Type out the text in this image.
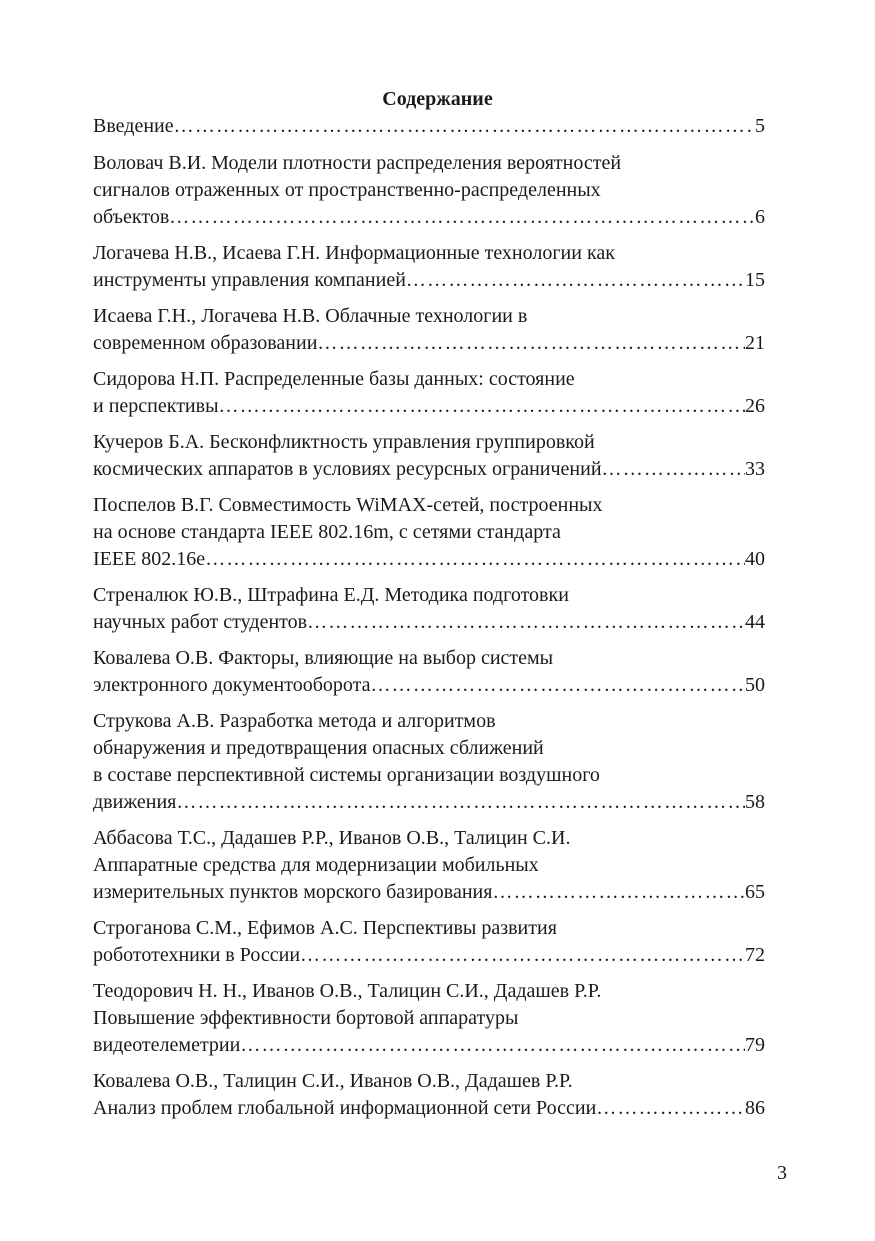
Содержание
Введение …………………………………………………………………………………………………………………………………………………………	5
Воловач В.И. Модели плотности распределения вероятностей
сигналов отраженных от пространственно-распределенных
объектов …………………………………………………………………………………………………………………………………………………………	6
Логачева Н.В., Исаева Г.Н. Информационные технологии как
инструменты управления компанией …………………………………………………………………………………………………………………………………………………………	15
Исаева Г.Н., Логачева Н.В. Облачные технологии в
современном образовании …………………………………………………………………………………………………………………………………………………………	21
Сидорова Н.П. Распределенные базы данных: состояние
и перспективы …………………………………………………………………………………………………………………………………………………………	26
Кучеров Б.А. Бесконфликтность управления группировкой
космических аппаратов в условиях ресурсных ограничений …………………………………………………………………………………………………………………………………………………………	33
Поспелов В.Г. Совместимость WiMAX-сетей, построенных
на основе стандарта IEEE 802.16m, с сетями стандарта
IEEE 802.16e …………………………………………………………………………………………………………………………………………………………	40
Стреналюк Ю.В., Штрафина Е.Д. Методика подготовки
научных работ студентов …………………………………………………………………………………………………………………………………………………………	44
Ковалева О.В. Факторы, влияющие на выбор системы
электронного документооборота …………………………………………………………………………………………………………………………………………………………	50
Струкова А.В. Разработка метода и алгоритмов
обнаружения и предотвращения опасных сближений
в составе перспективной системы организации воздушного
движения …………………………………………………………………………………………………………………………………………………………	58
Аббасова Т.С., Дадашев Р.Р., Иванов О.В., Талицин С.И.
Аппаратные средства для модернизации мобильных
измерительных пунктов морского базирования …………………………………………………………………………………………………………………………………………………………	65
Строганова С.М., Ефимов А.С. Перспективы развития
робототехники в России …………………………………………………………………………………………………………………………………………………………	72
Теодорович Н. Н., Иванов О.В., Талицин С.И., Дадашев Р.Р.
Повышение эффективности бортовой аппаратуры
видеотелеметрии …………………………………………………………………………………………………………………………………………………………	79
Ковалева О.В., Талицин С.И., Иванов О.В., Дадашев Р.Р.
Анализ проблем глобальной информационной сети России …………………………………………………………………………………………………………………………………………………………	86
3
